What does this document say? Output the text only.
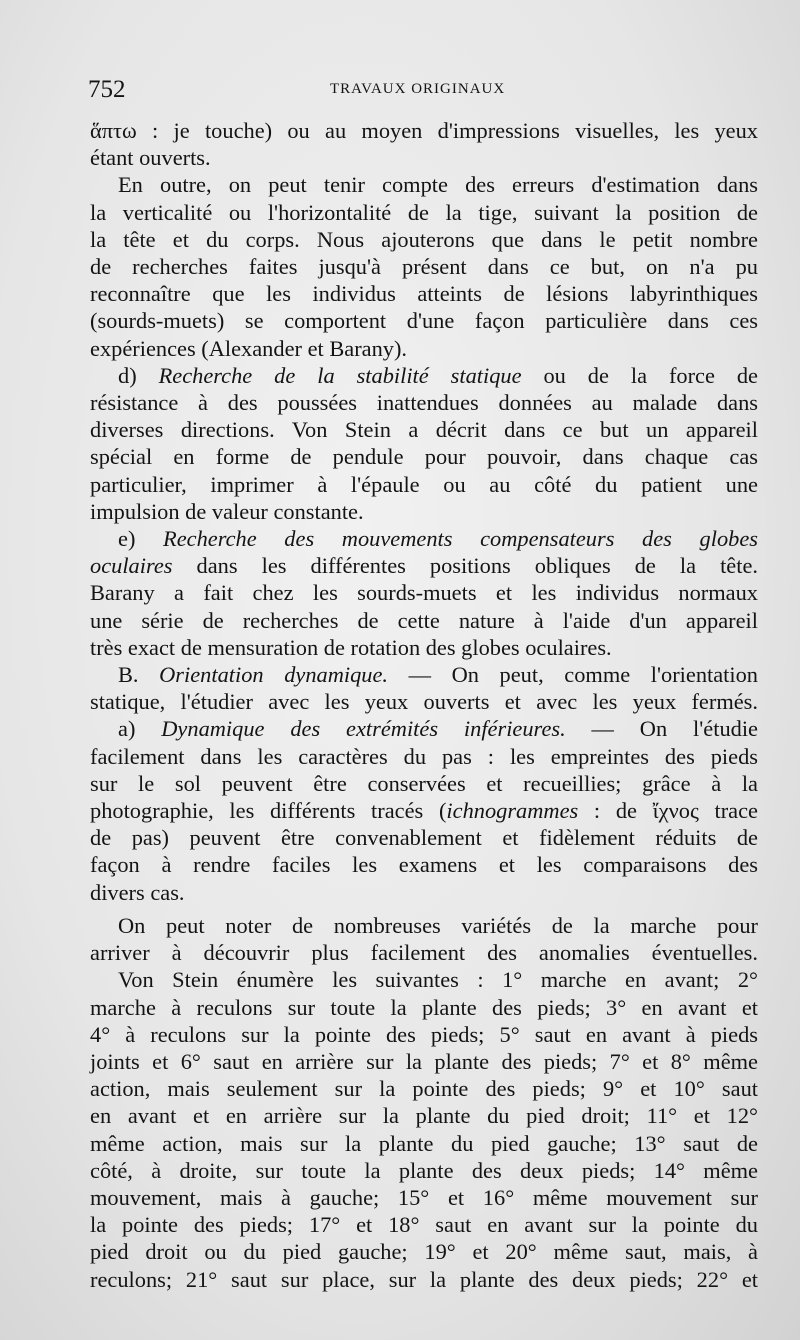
752	TRAVAUX ORIGINAUX
ἅπτω : je touche) ou au moyen d'impressions visuelles, les yeux
étant ouverts.
En outre, on peut tenir compte des erreurs d'estimation dans
la verticalité ou l'horizontalité de la tige, suivant la position de
la tête et du corps. Nous ajouterons que dans le petit nombre
de recherches faites jusqu'à présent dans ce but, on n'a pu
reconnaître que les individus atteints de lésions labyrinthiques
(sourds-muets) se comportent d'une façon particulière dans ces
expériences (Alexander et Barany).
d) Recherche de la stabilité statique ou de la force de
résistance à des poussées inattendues données au malade dans
diverses directions. Von Stein a décrit dans ce but un appareil
spécial en forme de pendule pour pouvoir, dans chaque cas
particulier, imprimer à l'épaule ou au côté du patient une
impulsion de valeur constante.
e) Recherche des mouvements compensateurs des globes
oculaires dans les différentes positions obliques de la tête.
Barany a fait chez les sourds-muets et les individus normaux
une série de recherches de cette nature à l'aide d'un appareil
très exact de mensuration de rotation des globes oculaires.
B. Orientation dynamique. — On peut, comme l'orientation
statique, l'étudier avec les yeux ouverts et avec les yeux fermés.
a) Dynamique des extrémités inférieures. — On l'étudie
facilement dans les caractères du pas : les empreintes des pieds
sur le sol peuvent être conservées et recueillies; grâce à la
photographie, les différents tracés (ichnogrammes : de ἴχνος trace
de pas) peuvent être convenablement et fidèlement réduits de
façon à rendre faciles les examens et les comparaisons des
divers cas.
On peut noter de nombreuses variétés de la marche pour
arriver à découvrir plus facilement des anomalies éventuelles.
Von Stein énumère les suivantes : 1° marche en avant; 2°
marche à reculons sur toute la plante des pieds; 3° en avant et
4° à reculons sur la pointe des pieds; 5° saut en avant à pieds
joints et 6° saut en arrière sur la plante des pieds; 7° et 8° même
action, mais seulement sur la pointe des pieds; 9° et 10° saut
en avant et en arrière sur la plante du pied droit; 11° et 12°
même action, mais sur la plante du pied gauche; 13° saut de
côté, à droite, sur toute la plante des deux pieds; 14° même
mouvement, mais à gauche; 15° et 16° même mouvement sur
la pointe des pieds; 17° et 18° saut en avant sur la pointe du
pied droit ou du pied gauche; 19° et 20° même saut, mais, à
reculons; 21° saut sur place, sur la plante des deux pieds; 22° et
